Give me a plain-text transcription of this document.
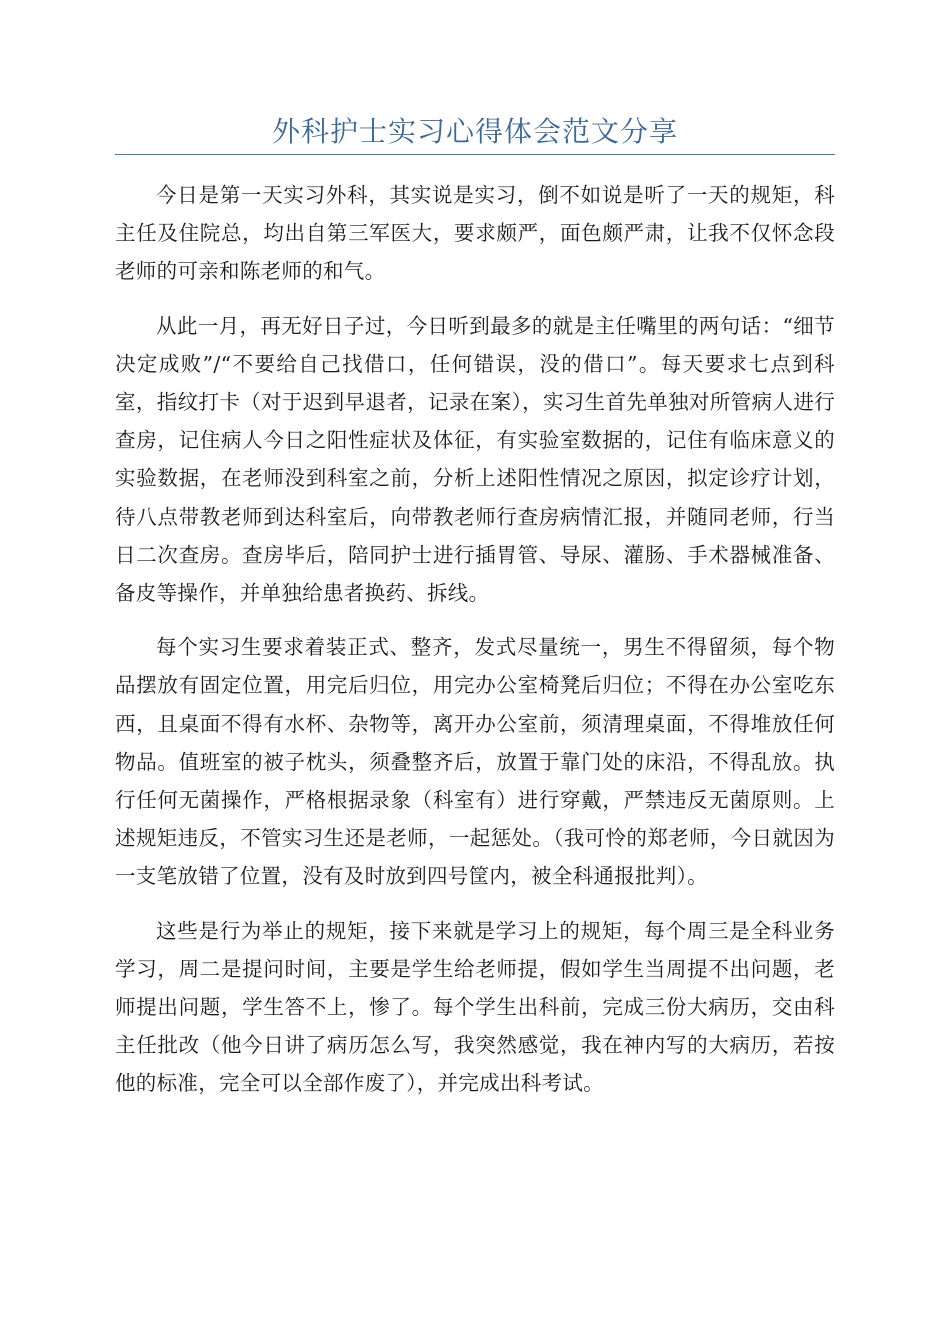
外科护士实习心得体会范文分享

今日是第一天实习外科，其实说是实习，倒不如说是听了一天的规矩，科主任及住院总，均出自第三军医大，要求颇严，面色颇严肃，让我不仅怀念段老师的可亲和陈老师的和气。

从此一月，再无好日子过，今日听到最多的就是主任嘴里的两句话：“细节决定成败”/“不要给自己找借口，任何错误，没的借口”。每天要求七点到科室，指纹打卡（对于迟到早退者，记录在案），实习生首先单独对所管病人进行查房，记住病人今日之阳性症状及体征，有实验室数据的，记住有临床意义的实验数据，在老师没到科室之前，分析上述阳性情况之原因，拟定诊疗计划，待八点带教老师到达科室后，向带教老师行查房病情汇报，并随同老师，行当日二次查房。查房毕后，陪同护士进行插胃管、导尿、灌肠、手术器械准备、备皮等操作，并单独给患者换药、拆线。

每个实习生要求着装正式、整齐，发式尽量统一，男生不得留须，每个物品摆放有固定位置，用完后归位，用完办公室椅凳后归位；不得在办公室吃东西，且桌面不得有水杯、杂物等，离开办公室前，须清理桌面，不得堆放任何物品。值班室的被子枕头，须叠整齐后，放置于靠门处的床沿，不得乱放。执行任何无菌操作，严格根据录象（科室有）进行穿戴，严禁违反无菌原则。上述规矩违反，不管实习生还是老师，一起惩处。（我可怜的郑老师，今日就因为一支笔放错了位置，没有及时放到四号筐内，被全科通报批判）。

这些是行为举止的规矩，接下来就是学习上的规矩，每个周三是全科业务学习，周二是提问时间，主要是学生给老师提，假如学生当周提不出问题，老师提出问题，学生答不上，惨了。每个学生出科前，完成三份大病历，交由科主任批改（他今日讲了病历怎么写，我突然感觉，我在神内写的大病历，若按他的标准，完全可以全部作废了），并完成出科考试。
